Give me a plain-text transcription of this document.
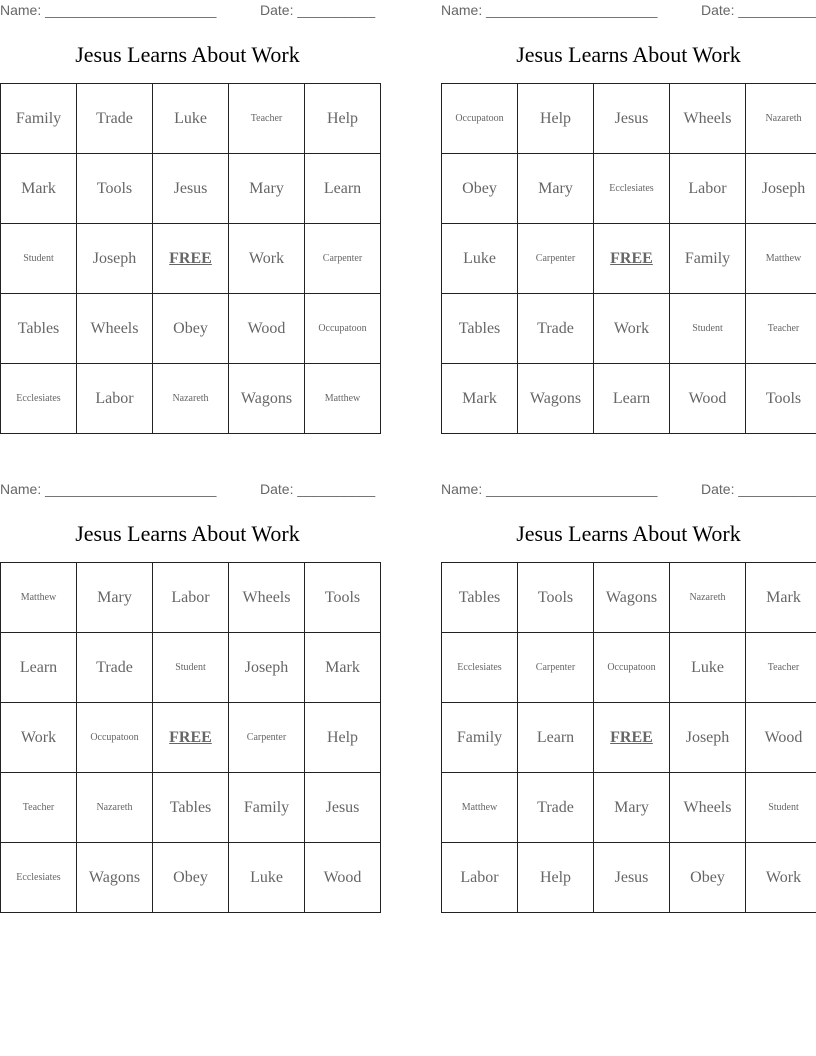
Name: ______________________	Date: __________
Jesus Learns About Work
Family	Trade	Luke	Teacher	Help
Mark	Tools	Jesus	Mary	Learn
Student	Joseph	FREE	Work	Carpenter
Tables	Wheels	Obey	Wood	Occupatoon
Ecclesiates	Labor	Nazareth	Wagons	Matthew
Name: ______________________	Date: __________
Jesus Learns About Work
Occupatoon	Help	Jesus	Wheels	Nazareth
Obey	Mary	Ecclesiates	Labor	Joseph
Luke	Carpenter	FREE	Family	Matthew
Tables	Trade	Work	Student	Teacher
Mark	Wagons	Learn	Wood	Tools
Name: ______________________	Date: __________
Jesus Learns About Work
Matthew	Mary	Labor	Wheels	Tools
Learn	Trade	Student	Joseph	Mark
Work	Occupatoon	FREE	Carpenter	Help
Teacher	Nazareth	Tables	Family	Jesus
Ecclesiates	Wagons	Obey	Luke	Wood
Name: ______________________	Date: __________
Jesus Learns About Work
Tables	Tools	Wagons	Nazareth	Mark
Ecclesiates	Carpenter	Occupatoon	Luke	Teacher
Family	Learn	FREE	Joseph	Wood
Matthew	Trade	Mary	Wheels	Student
Labor	Help	Jesus	Obey	Work
